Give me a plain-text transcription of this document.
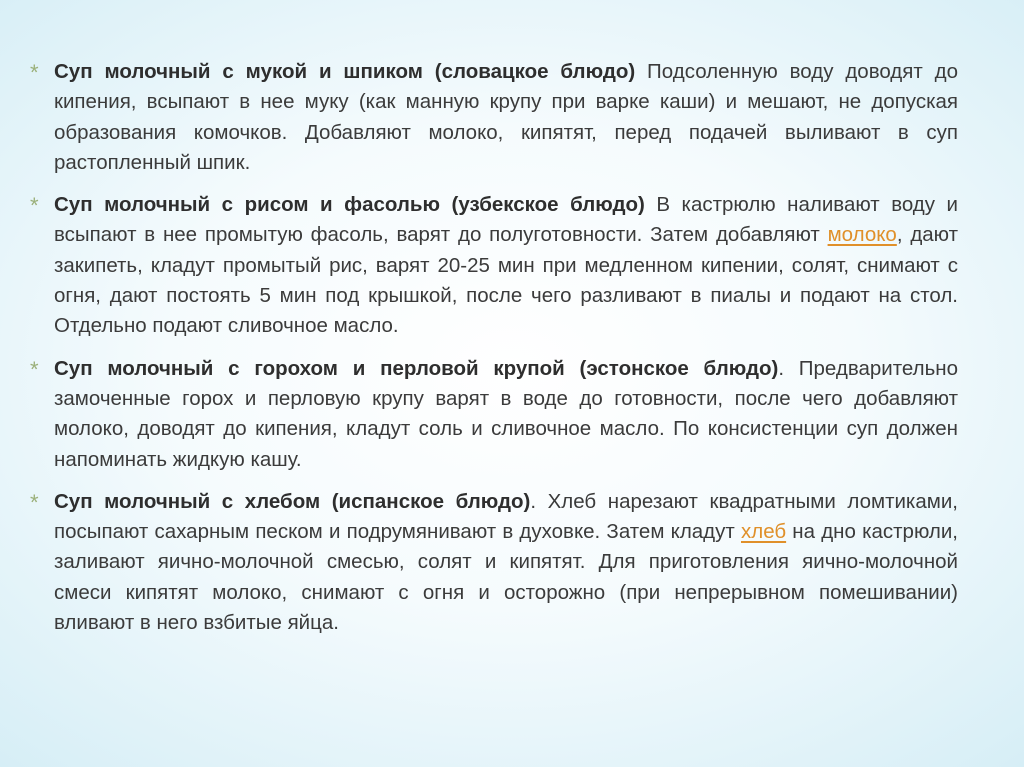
* Суп молочный с мукой и шпиком (словацкое блюдо) Подсоленную воду доводят до кипения, всыпают в нее муку (как манную крупу при варке каши) и мешают, не допуская образования комочков. Добавляют молоко, кипятят, перед подачей выливают в суп растопленный шпик.

* Суп молочный с рисом и фасолью (узбекское блюдо) В кастрюлю наливают воду и всыпают в нее промытую фасоль, варят до полуготовности. Затем добавляют молоко, дают закипеть, кладут промытый рис, варят 20-25 мин при медленном кипении, солят, снимают с огня, дают постоять 5 мин под крышкой, после чего разливают в пиалы и подают на стол. Отдельно подают сливочное масло.

* Суп молочный с горохом и перловой крупой (эстонское блюдо). Предварительно замоченные горох и перловую крупу варят в воде до готовности, после чего добавляют молоко, доводят до кипения, кладут соль и сливочное масло. По консистенции суп должен напоминать жидкую кашу.

* Суп молочный с хлебом (испанское блюдо). Хлеб нарезают квадратными ломтиками, посыпают сахарным песком и подрумянивают в духовке. Затем кладут хлеб на дно кастрюли, заливают яично-молочной смесью, солят и кипятят. Для приготовления яично-молочной смеси кипятят молоко, снимают с огня и осторожно (при непрерывном помешивании) вливают в него взбитые яйца.
